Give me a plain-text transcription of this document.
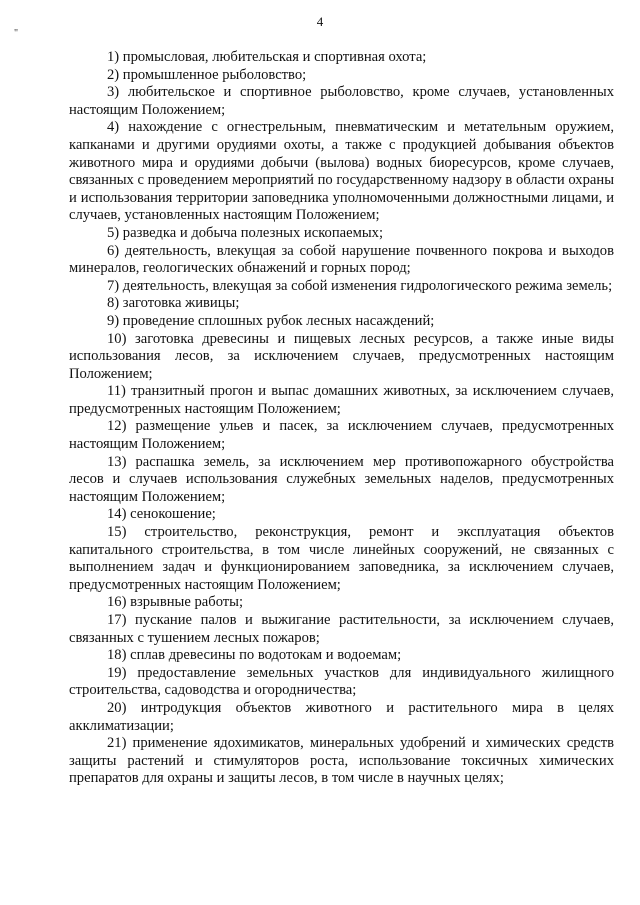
4
"

1) промысловая, любительская и спортивная охота;

2) промышленное рыболовство;

3) любительское и спортивное рыболовство, кроме случаев, установленных настоящим Положением;

4) нахождение с огнестрельным, пневматическим и метательным оружием, капканами и другими орудиями охоты, а также с продукцией добывания объектов животного мира и орудиями добычи (вылова) водных биоресурсов, кроме случаев, связанных с проведением мероприятий по государственному надзору в области охраны и использования территории заповедника уполномоченными должностными лицами, и случаев, установленных настоящим Положением;

5) разведка и добыча полезных ископаемых;

6) деятельность, влекущая за собой нарушение почвенного покрова и выходов минералов, геологических обнажений и горных пород;

7) деятельность, влекущая за собой изменения гидрологического режима земель;

8) заготовка живицы;

9) проведение сплошных рубок лесных насаждений;

10) заготовка древесины и пищевых лесных ресурсов, а также иные виды использования лесов, за исключением случаев, предусмотренных настоящим Положением;

11) транзитный прогон и выпас домашних животных, за исключением случаев, предусмотренных настоящим Положением;

12) размещение ульев и пасек, за исключением случаев, предусмотренных настоящим Положением;

13) распашка земель, за исключением мер противопожарного обустройства лесов и случаев использования служебных земельных наделов, предусмотренных настоящим Положением;

14) сенокошение;

15) строительство, реконструкция, ремонт и эксплуатация объектов капитального строительства, в том числе линейных сооружений, не связанных с выполнением задач и функционированием заповедника, за исключением случаев, предусмотренных настоящим Положением;

16) взрывные работы;

17) пускание палов и выжигание растительности, за исключением случаев, связанных с тушением лесных пожаров;

18) сплав древесины по водотокам и водоемам;

19) предоставление земельных участков для индивидуального жилищного строительства, садоводства и огородничества;

20) интродукция объектов животного и растительного мира в целях акклиматизации;

21) применение ядохимикатов, минеральных удобрений и химических средств защиты растений и стимуляторов роста, использование токсичных химических препаратов для охраны и защиты лесов, в том числе в научных целях;
